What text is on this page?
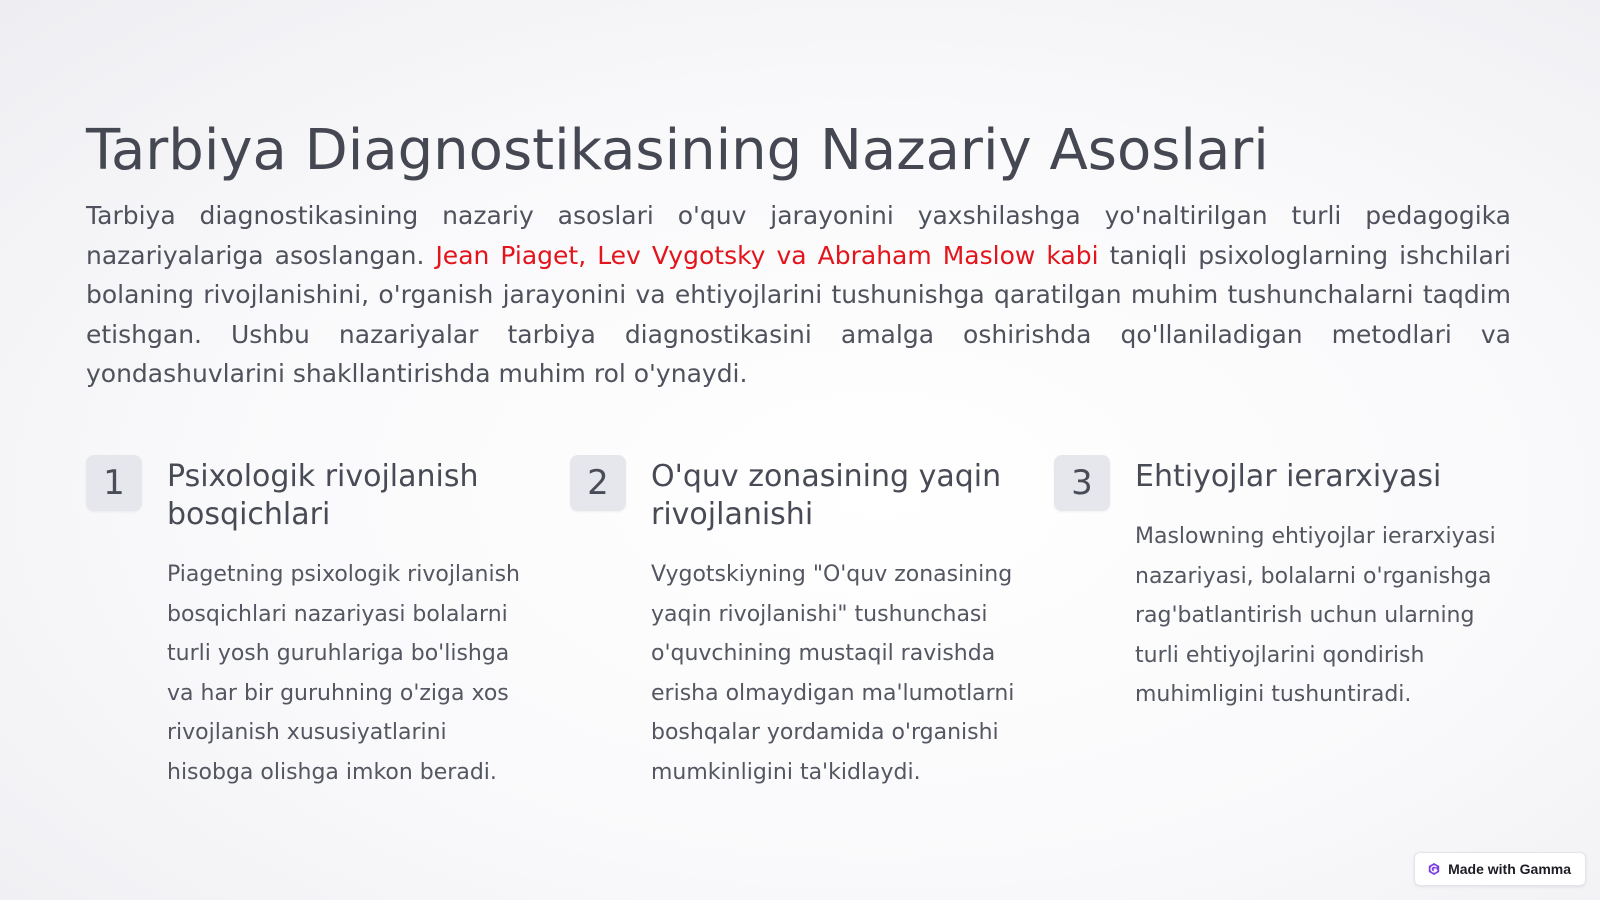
Tarbiya Diagnostikasining Nazariy Asoslari

Tarbiya diagnostikasining nazariy asoslari o'quv jarayonini yaxshilashga yo'naltirilgan turli pedagogika nazariyalariga asoslangan. Jean Piaget, Lev Vygotsky va Abraham Maslow kabi taniqli psixologlarning ishchilari bolaning rivojlanishini, o'rganish jarayonini va ehtiyojlarini tushunishga qaratilgan muhim tushunchalarni taqdim etishgan. Ushbu nazariyalar tarbiya diagnostikasini amalga oshirishda qo'llaniladigan metodlari va yondashuvlarini shakllantirishda muhim rol o'ynaydi.

1	Psixologik rivojlanish bosqichlari

Piagetning psixologik rivojlanish bosqichlari nazariyasi bolalarni turli yosh guruhlariga bo'lishga va har bir guruhning o'ziga xos rivojlanish xususiyatlarini hisobga olishga imkon beradi.

2	O'quv zonasining yaqin rivojlanishi

Vygotskiyning "O'quv zonasining yaqin rivojlanishi" tushunchasi o'quvchining mustaqil ravishda erisha olmaydigan ma'lumotlarni boshqalar yordamida o'rganishi mumkinligini ta'kidlaydi.

3	Ehtiyojlar ierarxiyasi

Maslowning ehtiyojlar ierarxiyasi nazariyasi, bolalarni o'rganishga rag'batlantirish uchun ularning turli ehtiyojlarini qondirish muhimligini tushuntiradi.

Made with Gamma
